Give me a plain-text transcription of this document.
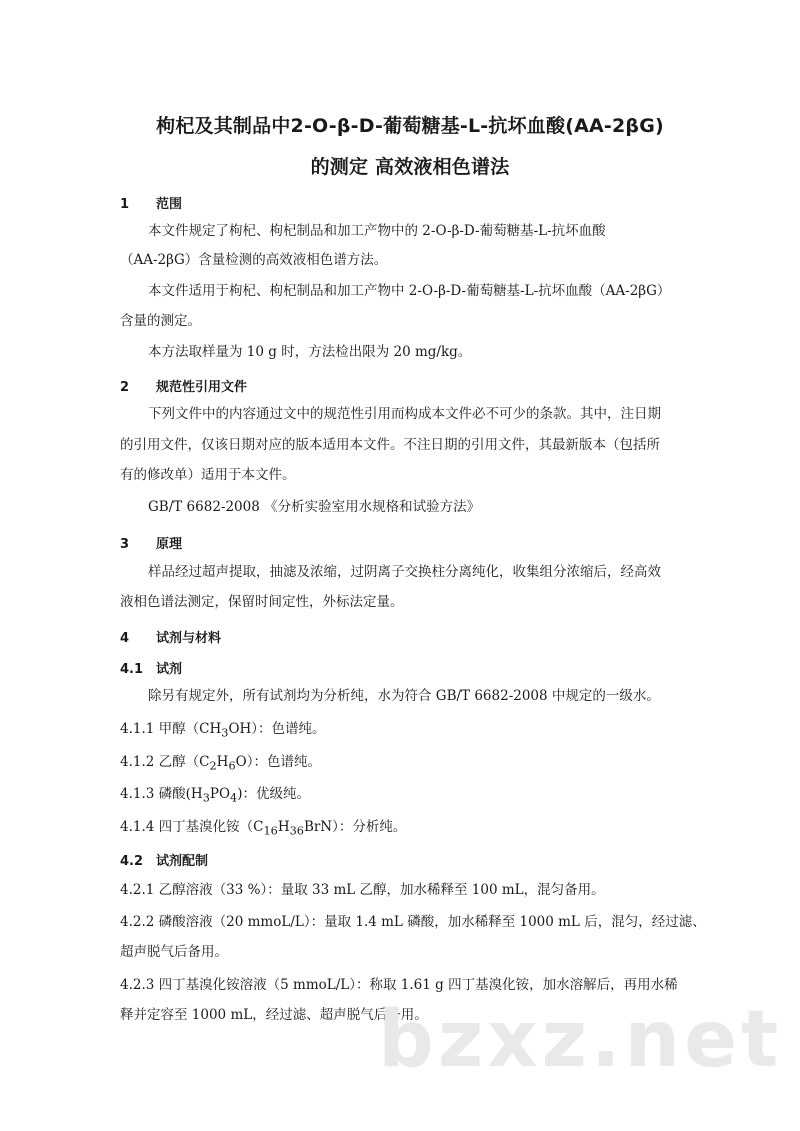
枸杞及其制品中2-O-β-D-葡萄糖基-L-抗坏血酸(AA-2βG)
的测定 高效液相色谱法
1 范围
本文件规定了枸杞、枸杞制品和加工产物中的 2-O-β-D-葡萄糖基-L-抗坏血酸
（AA-2βG）含量检测的高效液相色谱方法。
本文件适用于枸杞、枸杞制品和加工产物中 2-O-β-D-葡萄糖基-L-抗坏血酸（AA-2βG）
含量的测定。
本方法取样量为 10 g 时，方法检出限为 20 mg/kg。
2 规范性引用文件
下列文件中的内容通过文中的规范性引用而构成本文件必不可少的条款。其中，注日期
的引用文件，仅该日期对应的版本适用本文件。不注日期的引用文件，其最新版本（包括所
有的修改单）适用于本文件。
GB/T 6682-2008 《分析实验室用水规格和试验方法》
3 原理
样品经过超声提取，抽滤及浓缩，过阴离子交换柱分离纯化，收集组分浓缩后，经高效
液相色谱法测定，保留时间定性，外标法定量。
4 试剂与材料
4.1 试剂
除另有规定外，所有试剂均为分析纯，水为符合 GB/T 6682-2008 中规定的一级水。
4.1.1 甲醇$(CH_3OH)$：色谱纯。
4.1.2 乙醇$(C_2H_6O)$：色谱纯。
4.1.3 磷酸$(H_3PO_4)$：优级纯。
4.1.4 四丁基溴化铵$(C_{16}H_{36}BrN)$：分析纯。
4.2 试剂配制
4.2.1 乙醇溶液（33 %）：量取 33 mL 乙醇，加水稀释至 100 mL，混匀备用。
4.2.2 磷酸溶液（20 mmoL/L）：量取 1.4 mL 磷酸，加水稀释至 1000 mL 后，混匀，经过滤、
超声脱气后备用。
4.2.3 四丁基溴化铵溶液（5 mmoL/L）：称取 1.61 g 四丁基溴化铵，加水溶解后，再用水稀
释并定容至 1000 mL，经过滤、超声脱气后备用。
bzxz.net
